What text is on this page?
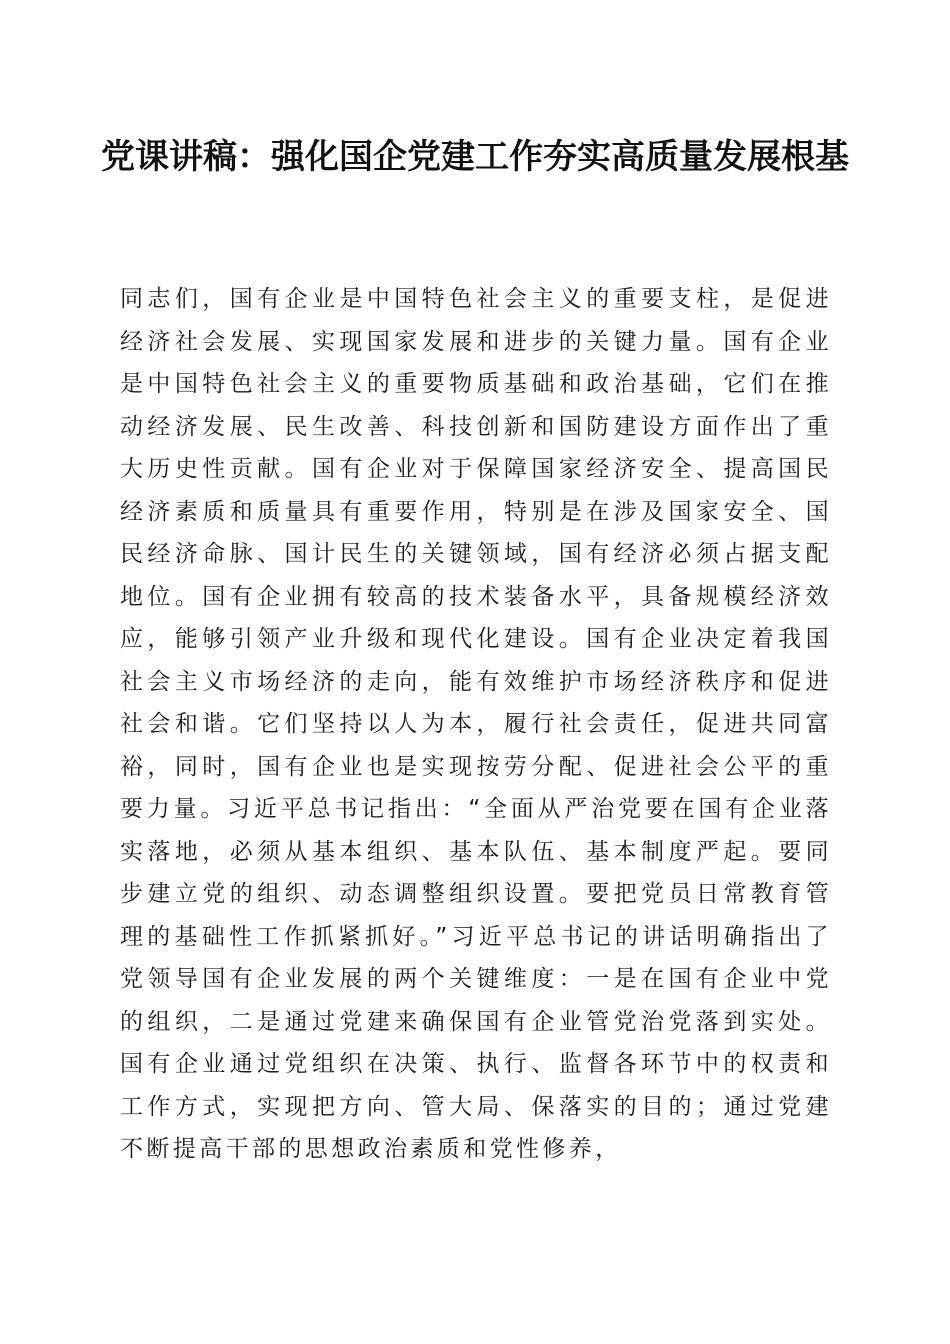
党课讲稿：强化国企党建工作夯实高质量发展根基

同志们，国有企业是中国特色社会主义的重要支柱，是促进经济社会发展、实现国家发展和进步的关键力量。国有企业是中国特色社会主义的重要物质基础和政治基础，它们在推动经济发展、民生改善、科技创新和国防建设方面作出了重大历史性贡献。国有企业对于保障国家经济安全、提高国民经济素质和质量具有重要作用，特别是在涉及国家安全、国民经济命脉、国计民生的关键领域，国有经济必须占据支配地位。国有企业拥有较高的技术装备水平，具备规模经济效应，能够引领产业升级和现代化建设。国有企业决定着我国社会主义市场经济的走向，能有效维护市场经济秩序和促进社会和谐。它们坚持以人为本，履行社会责任，促进共同富裕，同时，国有企业也是实现按劳分配、促进社会公平的重要力量。习近平总书记指出：“全面从严治党要在国有企业落实落地，必须从基本组织、基本队伍、基本制度严起。要同步建立党的组织、动态调整组织设置。要把党员日常教育管理的基础性工作抓紧抓好。”习近平总书记的讲话明确指出了党领导国有企业发展的两个关键维度：一是在国有企业中党的组织，二是通过党建来确保国有企业管党治党落到实处。国有企业通过党组织在决策、执行、监督各环节中的权责和工作方式，实现把方向、管大局、保落实的目的；通过党建不断提高干部的思想政治素质和党性修养，
